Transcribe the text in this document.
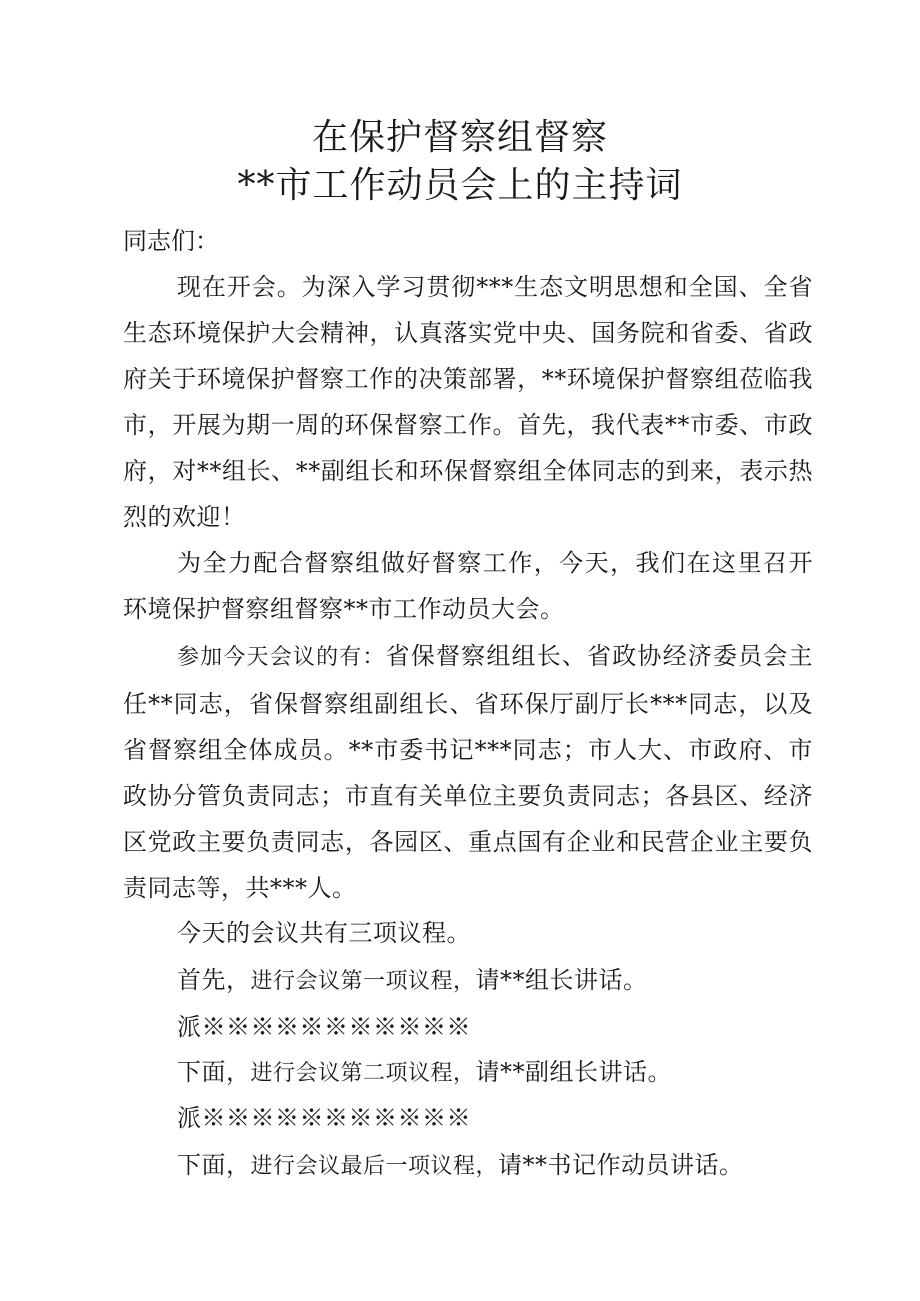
在保护督察组督察
**市工作动员会上的主持词
同志们：

现在开会。为深入学习贯彻***生态文明思想和全国、全省生态环境保护大会精神，认真落实党中央、国务院和省委、省政府关于环境保护督察工作的决策部署，**环境保护督察组莅临我市，开展为期一周的环保督察工作。首先，我代表**市委、市政府，对**组长、**副组长和环保督察组全体同志的到来，表示热烈的欢迎！

为全力配合督察组做好督察工作，今天，我们在这里召开环境保护督察组督察**市工作动员大会。

参加今天会议的有：省保督察组组长、省政协经济委员会主任**同志，省保督察组副组长、省环保厅副厅长***同志，以及省督察组全体成员。**市委书记***同志；市人大、市政府、市政协分管负责同志；市直有关单位主要负责同志；各县区、经济区党政主要负责同志，各园区、重点国有企业和民营企业主要负责同志等，共***人。

今天的会议共有三项议程。
首先，进行会议第一项议程，请**组长讲话。
派※※※※※※※※※※※
下面，进行会议第二项议程，请**副组长讲话。
派※※※※※※※※※※※
下面，进行会议最后一项议程，请**书记作动员讲话。
